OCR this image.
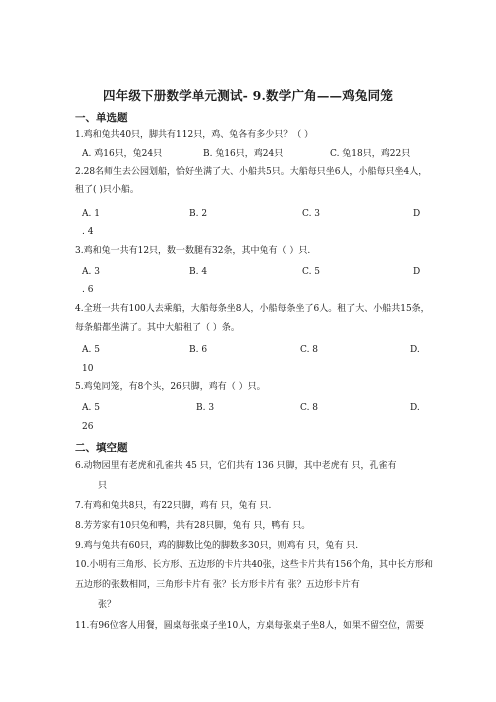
四年级下册数学单元测试- 9.数学广角——鸡兔同笼
一、单选题
1.鸡和兔共40只，脚共有112只，鸡、兔各有多少只？（ ）
A. 鸡16只，兔24只	B. 兔16只，鸡24只	C. 兔18只，鸡22只
2.28名师生去公园划船，恰好坐满了大、小船共5只。大船每只坐6人，小船每只坐4人，
租了( )只小船。
A. 1	B. 2	C. 3	D
. 4
3.鸡和兔一共有12只，数一数腿有32条，其中兔有（ ）只.
A. 3	B. 4	C. 5	D
. 6
4.全班一共有100人去乘船，大船每条坐8人，小船每条坐了6人。租了大、小船共15条，
每条船都坐满了。其中大船租了（ ）条。
A. 5	B. 6	C. 8	D.
10
5.鸡兔同笼，有8个头，26只脚，鸡有（ ）只。
A. 5	B. 3	C. 8	D.
26
二、填空题
6.动物园里有老虎和孔雀共 45 只，它们共有 136 只脚，其中老虎有 只，孔雀有
只
7.有鸡和兔共8只，有22只脚，鸡有 只，兔有 只.
8.芳芳家有10只兔和鸭，共有28只脚，兔有 只，鸭有 只。
9.鸡与兔共有60只，鸡的脚数比兔的脚数多30只，则鸡有 只，兔有 只.
10.小明有三角形、长方形、五边形的卡片共40张，这些卡片共有156个角，其中长方形和
五边形的张数相同，三角形卡片有 张？长方形卡片有 张？五边形卡片有
张？
11.有96位客人用餐，圆桌每张桌子坐10人，方桌每张桌子坐8人，如果不留空位，需要
